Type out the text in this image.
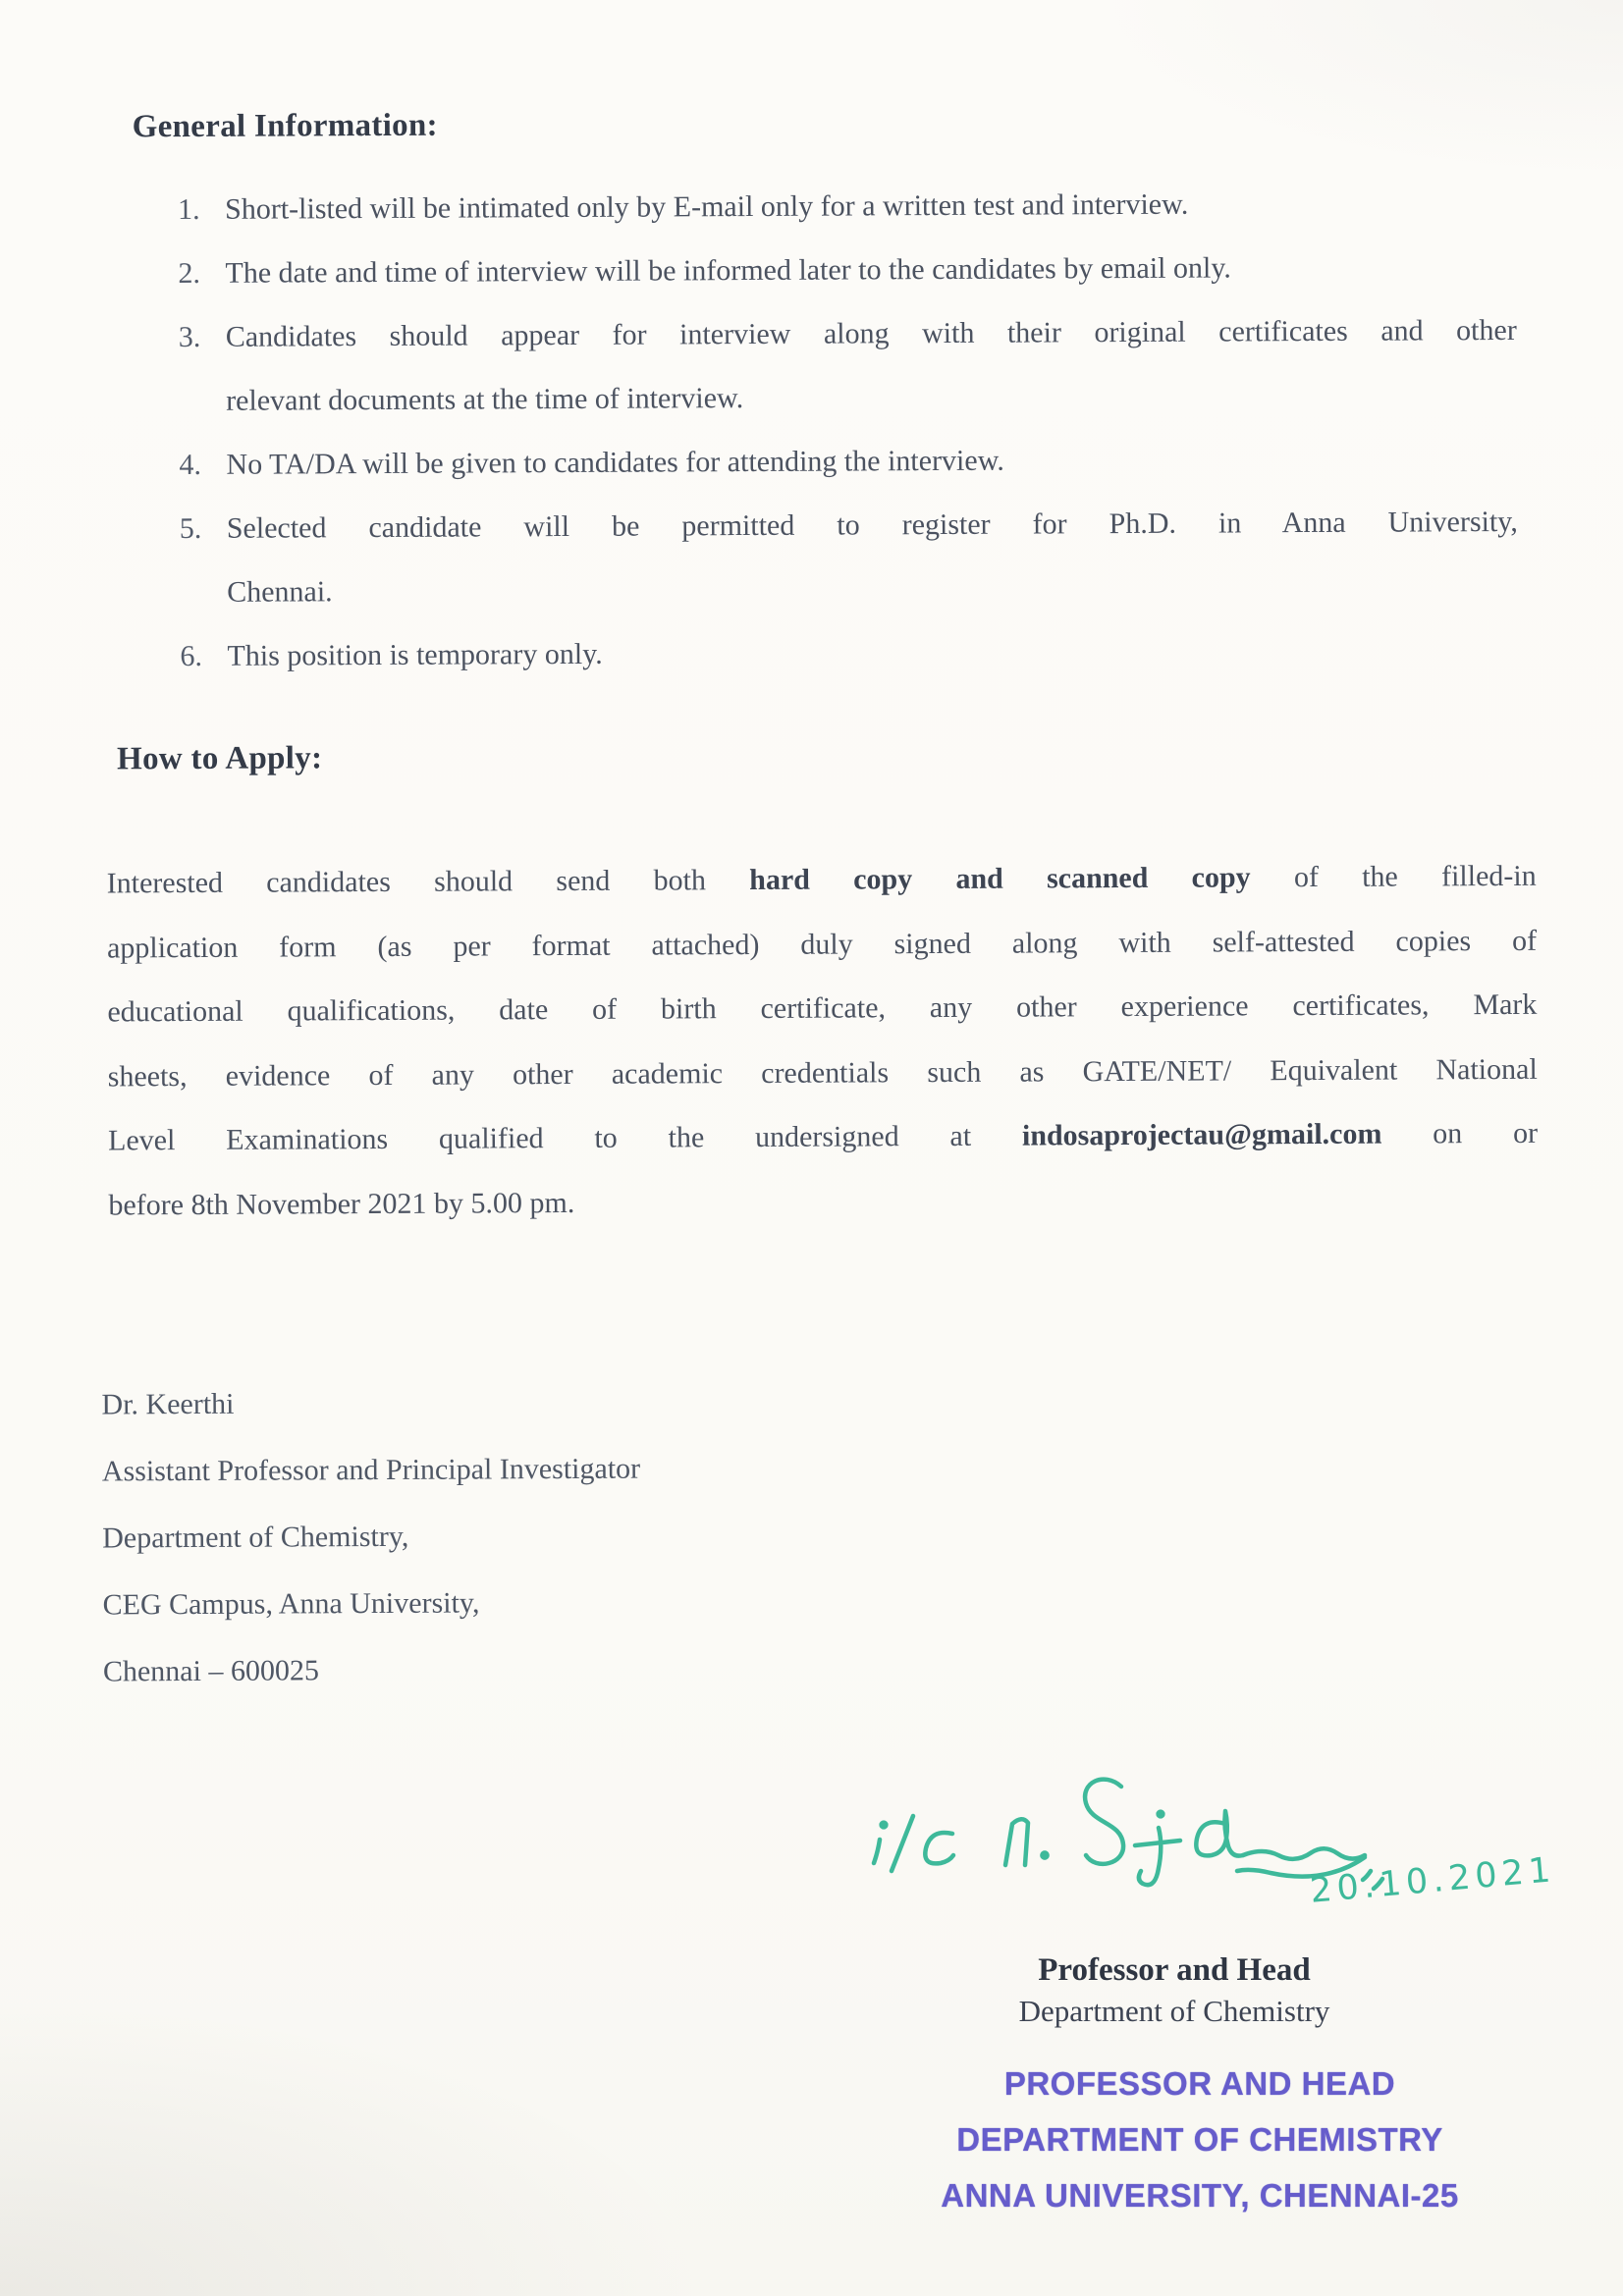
General Information:
1. Short-listed will be intimated only by E-mail only for a written test and interview.
2. The date and time of interview will be informed later to the candidates by email only.
3. Candidates should appear for interview along with their original certificates and other
relevant documents at the time of interview.
4. No TA/DA will be given to candidates for attending the interview.
5. Selected candidate will be permitted to register for Ph.D. in Anna University,
Chennai.
6. This position is temporary only.
How to Apply:
Interested candidates should send both hard copy and scanned copy of the filled-in
application form (as per format attached) duly signed along with self-attested copies of
educational qualifications, date of birth certificate, any other experience certificates, Mark
sheets, evidence of any other academic credentials such as GATE/NET/ Equivalent National
Level Examinations qualified to the undersigned at indosaprojectau@gmail.com on or
before 8th November 2021 by 5.00 pm.
Dr. Keerthi
Assistant Professor and Principal Investigator
Department of Chemistry,
CEG Campus, Anna University,
Chennai – 600025
20.10.2021
Professor and Head
Department of Chemistry
PROFESSOR AND HEAD
DEPARTMENT OF CHEMISTRY
ANNA UNIVERSITY, CHENNAI-25
